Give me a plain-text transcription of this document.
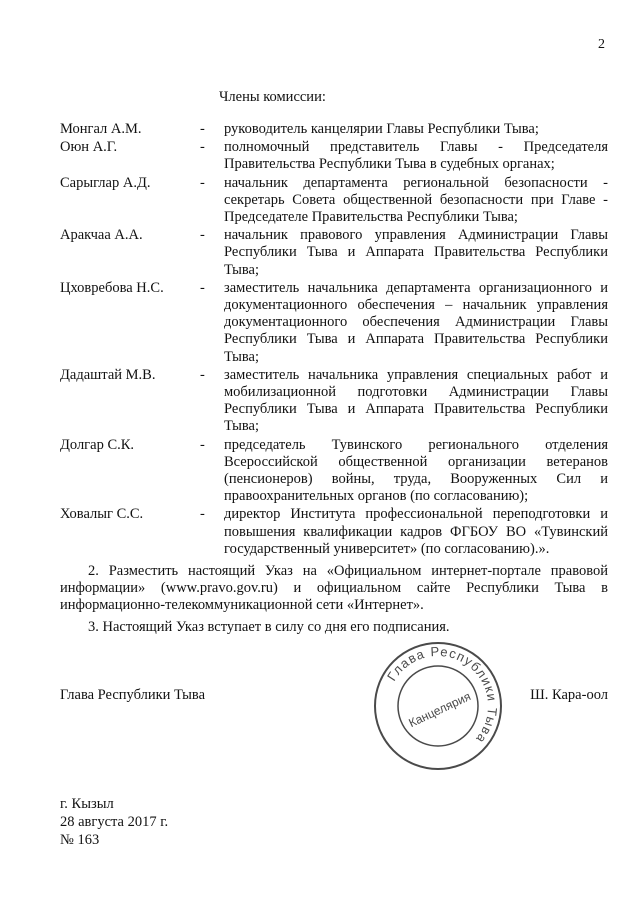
2
Члены комиссии:
Монгал А.М.	-	руководитель канцелярии Главы Республики Тыва;
Оюн А.Г.	-	полномочный представитель Главы - Председателя Правительства Республики Тыва в судебных органах;
Сарыглар А.Д.	-	начальник департамента региональной безопасности - секретарь Совета общественной безопасности при Главе - Председателе Правительства Республики Тыва;
Аракчаа А.А.	-	начальник правового управления Администрации Главы Республики Тыва и Аппарата Правительства Республики Тыва;
Цховребова Н.С.	-	заместитель начальника департамента организационного и документационного обеспечения – начальник управления документационного обеспечения Администрации Главы Республики Тыва и Аппарата Правительства Республики Тыва;
Дадаштай М.В.	-	заместитель начальника управления специальных работ и мобилизационной подготовки Администрации Главы Республики Тыва и Аппарата Правительства Республики Тыва;
Долгар С.К.	-	председатель Тувинского регионального отделения Всероссийской общественной организации ветеранов (пенсионеров) войны, труда, Вооруженных Сил и правоохранительных органов (по согласованию);
Ховалыг С.С.	-	директор Института профессиональной переподготовки и повышения квалификации кадров ФГБОУ ВО «Тувинский государственный университет» (по согласованию).».

2. Разместить настоящий Указ на «Официальном интернет-портале правовой информации» (www.pravo.gov.ru) и официальном сайте Республики Тыва в информационно-телекоммуникационной сети «Интернет».

3. Настоящий Указ вступает в силу со дня его подписания.

Глава Республики Тыва
Глава Республики Тыва
Канцелярия	Ш. Кара-оол
г. Кызыл
28 августа 2017 г.
№ 163
